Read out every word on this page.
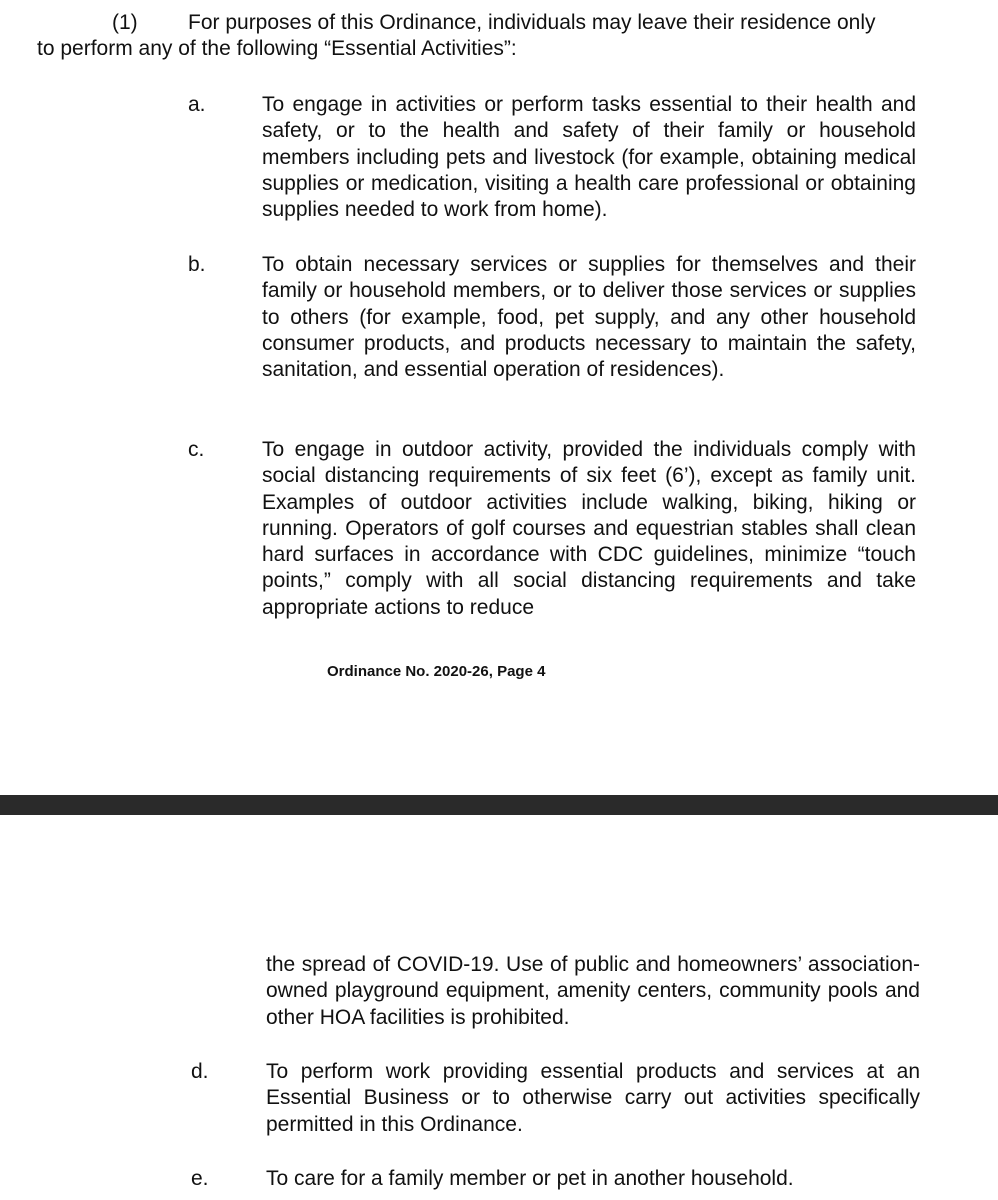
(1) For purposes of this Ordinance, individuals may leave their residence only
to perform any of the following “Essential Activities”:
a.	To engage in activities or perform tasks essential to their health and safety, or to the health and safety of their family or household members including pets and livestock (for example, obtaining medical supplies or medication, visiting a health care professional or obtaining supplies needed to work from home).
b.	To obtain necessary services or supplies for themselves and their family or household members, or to deliver those services or supplies to others (for example, food, pet supply, and any other household consumer products, and products necessary to maintain the safety, sanitation, and essential operation of residences).
c.	To engage in outdoor activity, provided the individuals comply with social distancing requirements of six feet (6’), except as family unit. Examples of outdoor activities include walking, biking, hiking or running. Operators of golf courses and equestrian stables shall clean hard surfaces in accordance with CDC guidelines, minimize “touch points,” comply with all social distancing requirements and take appropriate actions to reduce
Ordinance No. 2020-26, Page 4
the spread of COVID-19. Use of public and homeowners’ association-owned playground equipment, amenity centers, community pools and other HOA facilities is prohibited.
d.	To perform work providing essential products and services at an Essential Business or to otherwise carry out activities specifically permitted in this Ordinance.
e.	To care for a family member or pet in another household.
